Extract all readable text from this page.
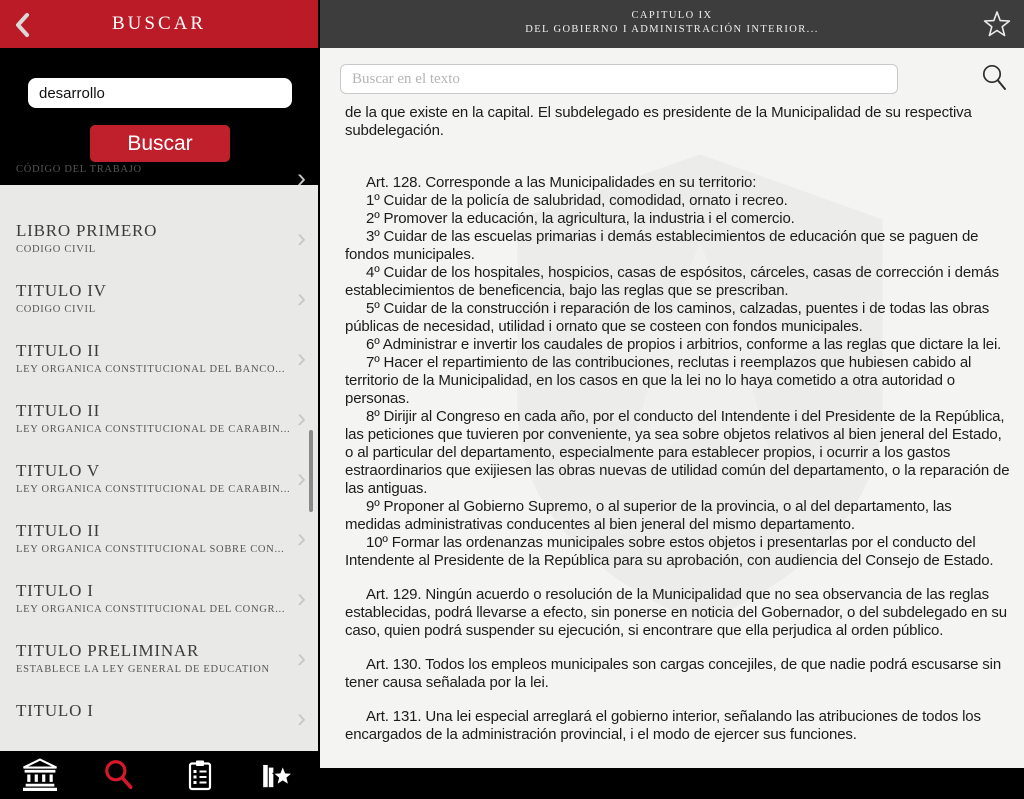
BUSCAR
desarrollo
Buscar
CÓDIGO DEL TRABAJO	›
LIBRO PRIMERO
CODIGO CIVIL	›
TITULO IV
CODIGO CIVIL	›
TITULO II
LEY ORGANICA CONSTITUCIONAL DEL BANCO... ›
TITULO II
LEY ORGANICA CONSTITUCIONAL DE CARABIN... ›
TITULO V
LEY ORGANICA CONSTITUCIONAL DE CARABIN... ›
TITULO II
LEY ORGANICA CONSTITUCIONAL SOBRE CON... ›
TITULO I
LEY ORGANICA CONSTITUCIONAL DEL CONGR... ›
TITULO PRELIMINAR
ESTABLECE LA LEY GENERAL DE EDUCATION	›
TITULO I	›
CAPITULO IX
DEL GOBIERNO I ADMINISTRACIÓN INTERIOR...
Buscar en el texto

de la que existe en la capital. El subdelegado es presidente de la Municipalidad de su respectiva subdelegación.

Art. 128. Corresponde a las Municipalidades en su territorio:

1º Cuidar de la policía de salubridad, comodidad, ornato i recreo.

2º Promover la educación, la agricultura, la industria i el comercio.

3º Cuidar de las escuelas primarias i demás establecimientos de educación que se paguen de fondos municipales.

4º Cuidar de los hospitales, hospicios, casas de espósitos, cárceles, casas de corrección i demás establecimientos de beneficencia, bajo las reglas que se prescriban.

5º Cuidar de la construcción i reparación de los caminos, calzadas, puentes i de todas las obras públicas de necesidad, utilidad i ornato que se costeen con fondos municipales.

6º Administrar e invertir los caudales de propios i arbitrios, conforme a las reglas que dictare la lei.

7º Hacer el repartimiento de las contribuciones, reclutas i reemplazos que hubiesen cabido al territorio de la Municipalidad, en los casos en que la lei no lo haya cometido a otra autoridad o personas.

8º Dirijir al Congreso en cada año, por el conducto del Intendente i del Presidente de la República, las peticiones que tuvieren por conveniente, ya sea sobre objetos relativos al bien jeneral del Estado, o al particular del departamento, especialmente para establecer propios, i ocurrir a los gastos estraordinarios que exijiesen las obras nuevas de utilidad común del departamento, o la reparación de las antiguas.

9º Proponer al Gobierno Supremo, o al superior de la provincia, o al del departamento, las medidas administrativas conducentes al bien jeneral del mismo departamento.

10º Formar las ordenanzas municipales sobre estos objetos i presentarlas por el conducto del Intendente al Presidente de la República para su aprobación, con audiencia del Consejo de Estado.

Art. 129. Ningún acuerdo o resolución de la Municipalidad que no sea observancia de las reglas establecidas, podrá llevarse a efecto, sin ponerse en noticia del Gobernador, o del subdelegado en su caso, quien podrá suspender su ejecución, si encontrare que ella perjudica al orden público.

Art. 130. Todos los empleos municipales son cargas concejiles, de que nadie podrá escusarse sin tener causa señalada por la lei.

Art. 131. Una lei especial arreglará el gobierno interior, señalando las atribuciones de todos los encargados de la administración provincial, i el modo de ejercer sus funciones.
